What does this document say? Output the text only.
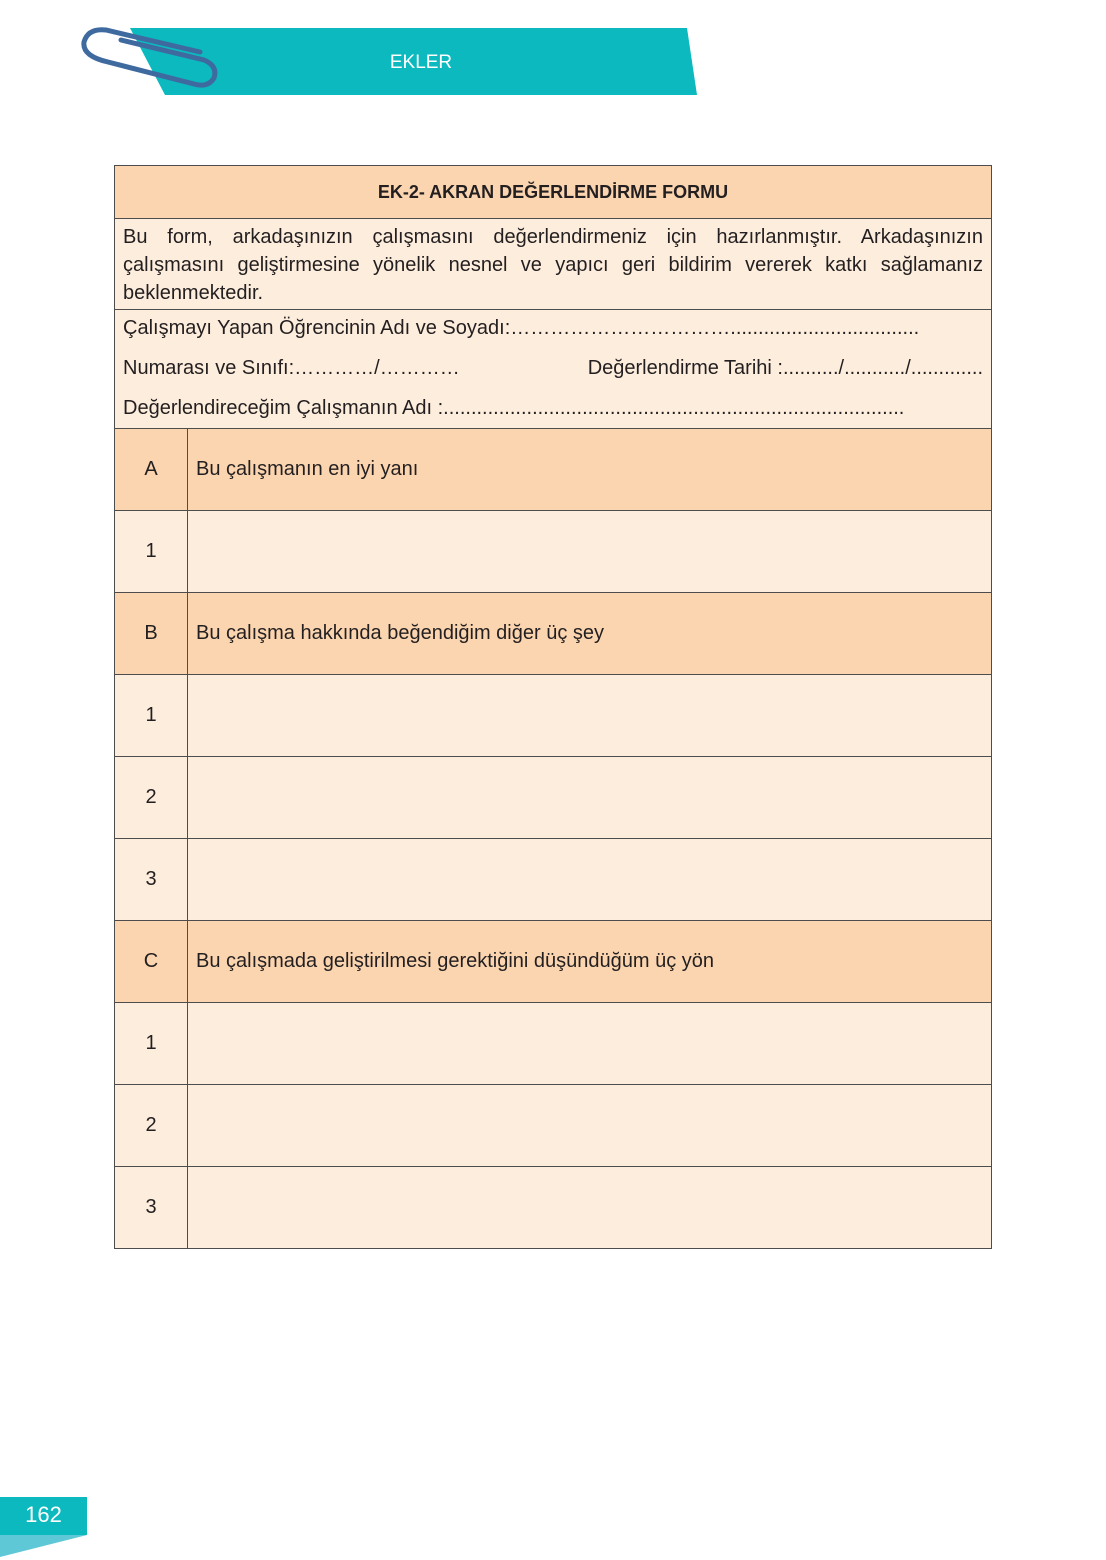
EKLER
EK-2- AKRAN DEĞERLENDİRME FORMU	
Bu form, arkadaşınızın çalışmasını değerlendirmeniz için hazırlanmıştır. Arkadaşınızın çalışmasını geliştirmesine yönelik nesnel ve yapıcı geri bildirim vererek katkı sağlamanız beklenmektedir.	

Çalışmayı Yapan Öğrencinin Adı ve Soyadı:……………………………..................................
Numarası ve Sınıfı:…………/………… Değerlendirme Tarihi :........../.........../.............
Değerlendireceğim Çalışmanın Adı :...................................................................................	

A	Bu çalışmanın en iyi yanı
1	
B	Bu çalışma hakkında beğendiğim diğer üç şey
1	
2	
3	
C	Bu çalışmada geliştirilmesi gerektiğini düşündüğüm üç yön
1	
2	
3	
162
